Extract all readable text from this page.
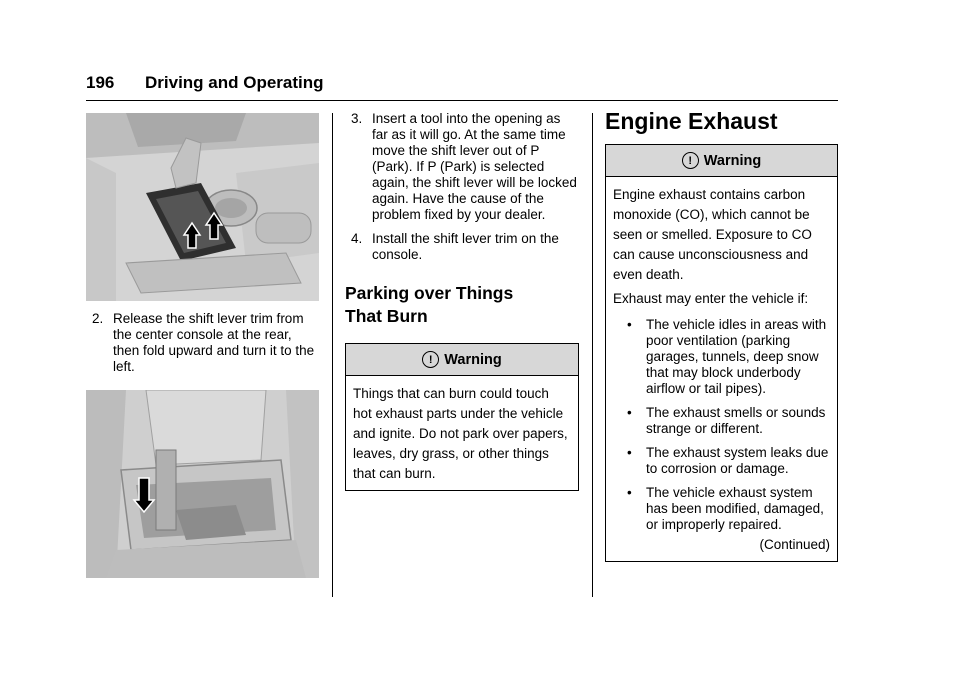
196 Driving and Operating
2. Release the shift lever trim from the center console at the rear, then fold upward and turn it to the left.
3. Insert a tool into the opening as far as it will go. At the same time move the shift lever out of P (Park). If P (Park) is selected again, the shift lever will be locked again. Have the cause of the problem fixed by your dealer.
4. Install the shift lever trim on the console.
Parking over Things That Burn
! Warning

Things that can burn could touch hot exhaust parts under the vehicle and ignite. Do not park over papers, leaves, dry grass, or other things that can burn.

Engine Exhaust
! Warning

Engine exhaust contains carbon monoxide (CO), which cannot be seen or smelled. Exposure to CO can cause unconsciousness and even death.

Exhaust may enter the vehicle if:

• The vehicle idles in areas with poor ventilation (parking garages, tunnels, deep snow that may block underbody airflow or tail pipes).
• The exhaust smells or sounds strange or different.
• The exhaust system leaks due to corrosion or damage.
• The vehicle exhaust system has been modified, damaged, or improperly repaired.
(Continued)
